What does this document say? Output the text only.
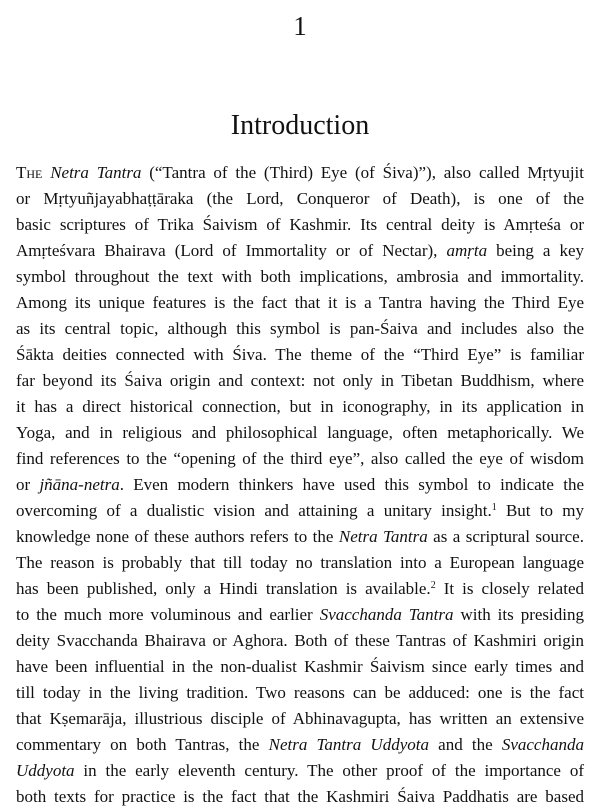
1
Introduction
The Netra Tantra (“Tantra of the (Third) Eye (of Śiva)”), also called Mṛtyujit
or Mṛtyuñjayabhaṭṭāraka (the Lord, Conqueror of Death), is one of the
basic scriptures of Trika Śaivism of Kashmir. Its central deity is Amṛteśa or
Amṛteśvara Bhairava (Lord of Immortality or of Nectar), amṛta being a key
symbol throughout the text with both implications, ambrosia and immortality.
Among its unique features is the fact that it is a Tantra having the Third Eye
as its central topic, although this symbol is pan-Śaiva and includes also the
Śākta deities connected with Śiva. The theme of the “Third Eye” is familiar
far beyond its Śaiva origin and context: not only in Tibetan Buddhism, where
it has a direct historical connection, but in iconography, in its application in
Yoga, and in religious and philosophical language, often metaphorically. We
find references to the “opening of the third eye”, also called the eye of wisdom
or jñāna-netra. Even modern thinkers have used this symbol to indicate the
overcoming of a dualistic vision and attaining a unitary insight.$^1$ But to my
knowledge none of these authors refers to the Netra Tantra as a scriptural source.
The reason is probably that till today no translation into a European language
has been published, only a Hindi translation is available.$^2$ It is closely related
to the much more voluminous and earlier Svacchanda Tantra with its presiding
deity Svacchanda Bhairava or Aghora. Both of these Tantras of Kashmiri origin
have been influential in the non-dualist Kashmir Śaivism since early times and
till today in the living tradition. Two reasons can be adduced: one is the fact
that Kṣemarāja, illustrious disciple of Abhinavagupta, has written an extensive
commentary on both Tantras, the Netra Tantra Uddyota and the Svacchanda
Uddyota in the early eleventh century. The other proof of the importance of
both texts for practice is the fact that the Kashmiri Śaiva Paddhatis are based
